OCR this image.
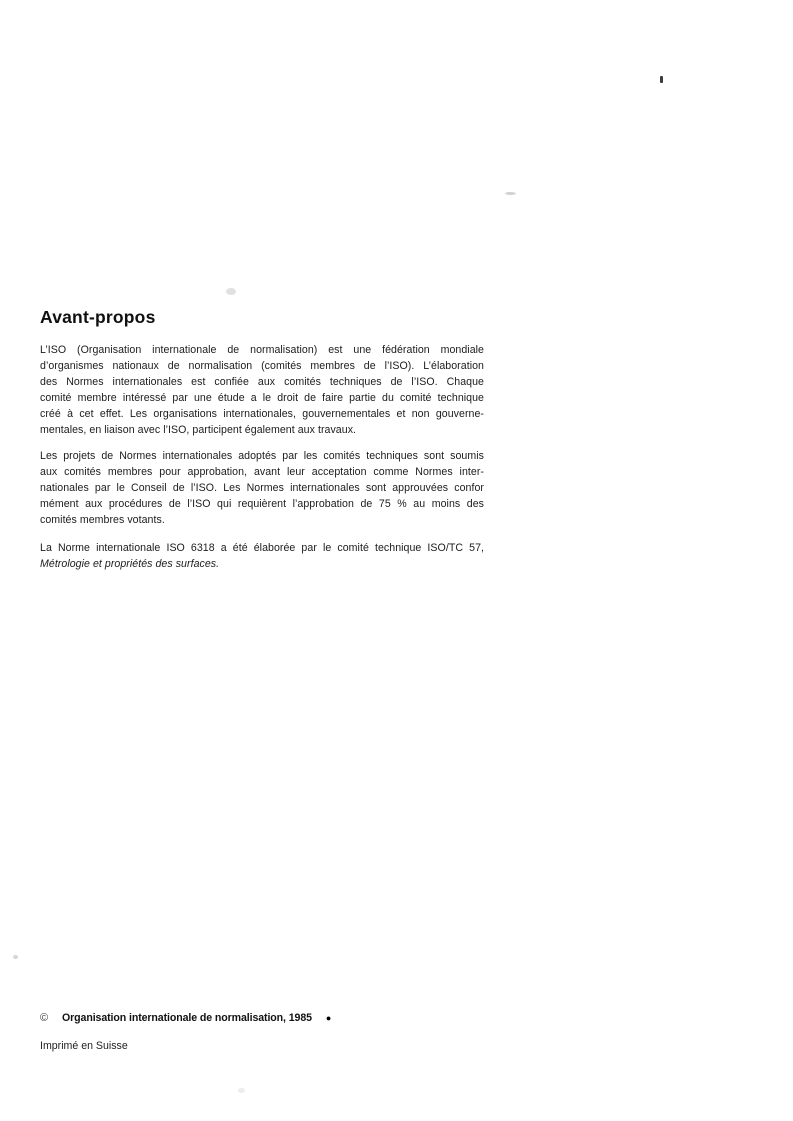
Avant-propos
L’ISO (Organisation internationale de normalisation) est une fédération mondiale
d’organismes nationaux de normalisation (comités membres de l’ISO). L’élaboration
des Normes internationales est confiée aux comités techniques de l’ISO. Chaque
comité membre intéressé par une étude a le droit de faire partie du comité technique
créé à cet effet. Les organisations internationales, gouvernementales et non gouverne-
mentales, en liaison avec l’ISO, participent également aux travaux.
Les projets de Normes internationales adoptés par les comités techniques sont soumis
aux comités membres pour approbation, avant leur acceptation comme Normes inter-
nationales par le Conseil de l’ISO. Les Normes internationales sont approuvées confor
mément aux procédures de l’ISO qui requièrent l’approbation de 75 % au moins des
comités membres votants.
La Norme internationale ISO 6318 a été élaborée par le comité technique ISO/TC 57,
Métrologie et propriétés des surfaces.
©	Organisation internationale de normalisation, 1985 ●
Imprimé en Suisse
